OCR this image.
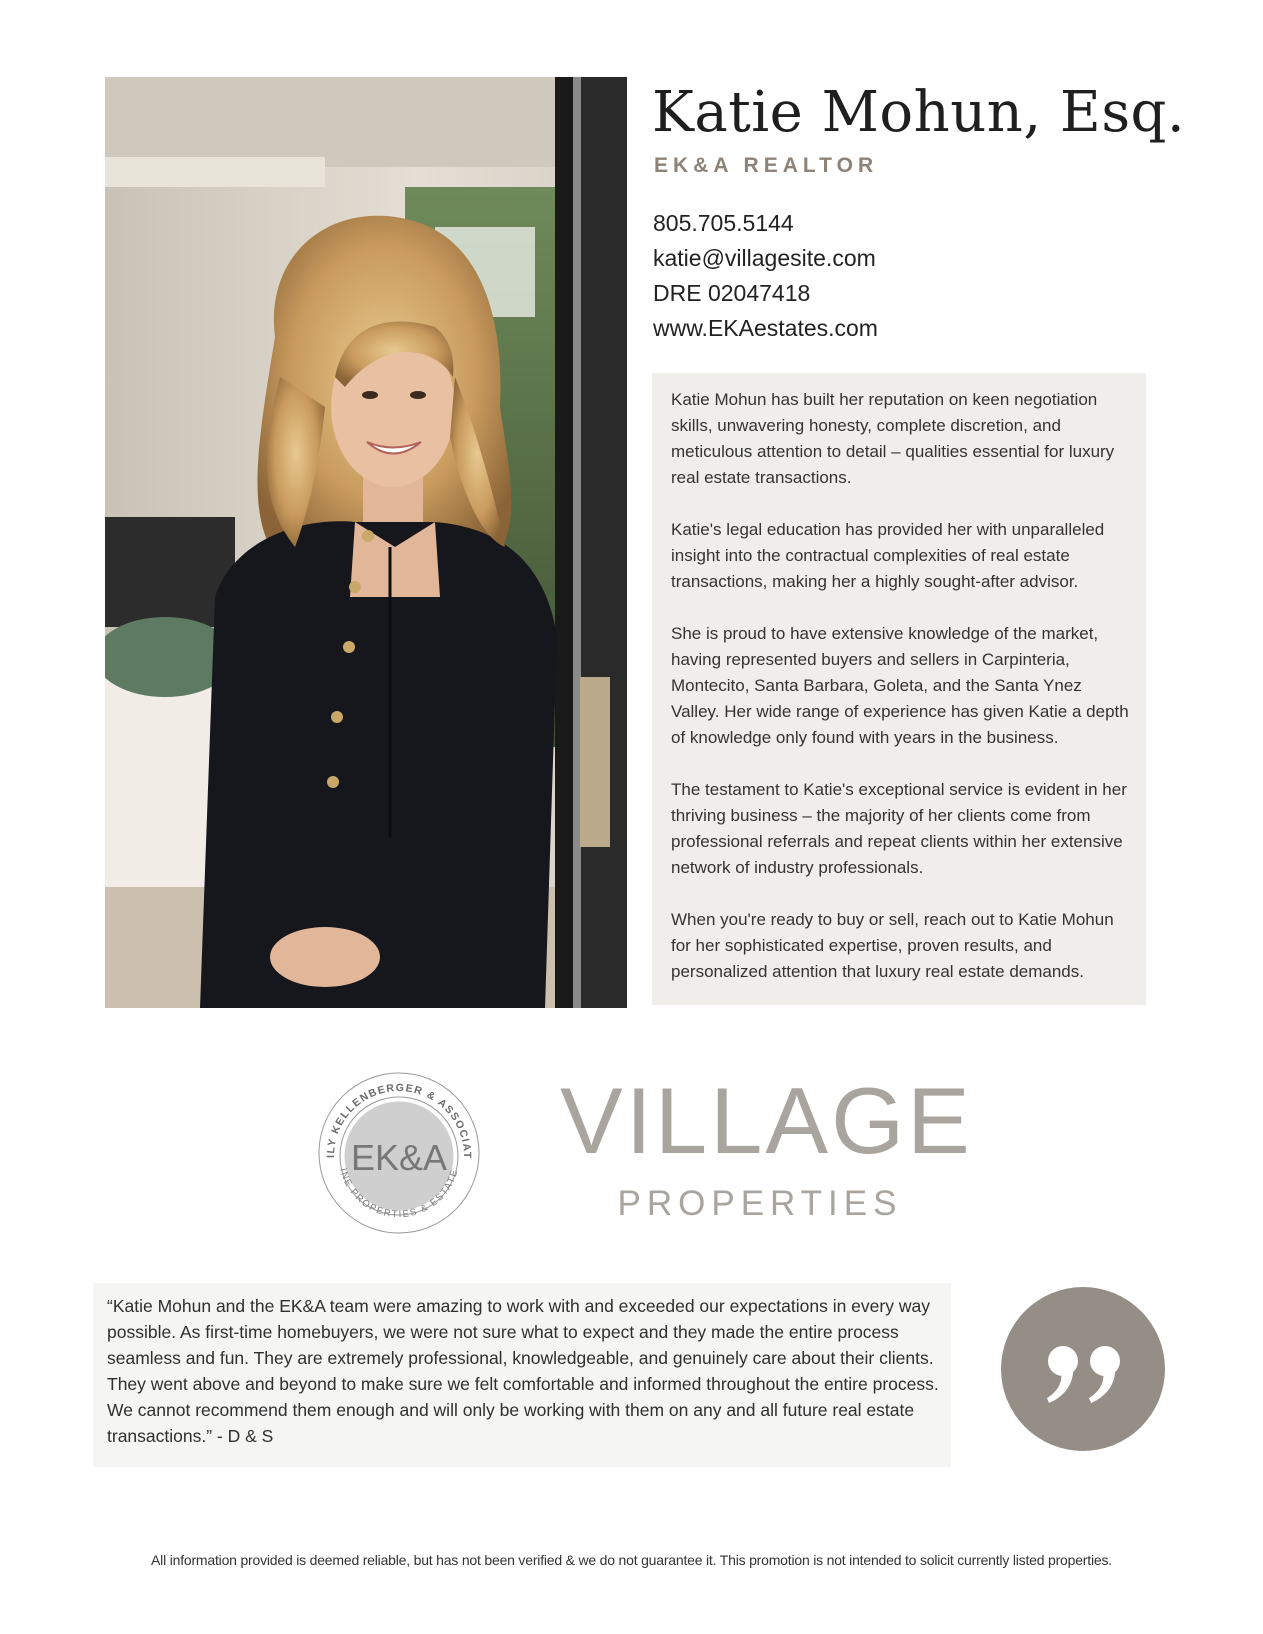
Katie Mohun, Esq.
EK&A REALTOR
805.705.5144
katie@villagesite.com
DRE 02047418
www.EKAestates.com

Katie Mohun has built her reputation on keen negotiation skills, unwavering honesty, complete discretion, and meticulous attention to detail – qualities essential for luxury real estate transactions.

Katie's legal education has provided her with unparalleled insight into the contractual complexities of real estate transactions, making her a highly sought-after advisor.

She is proud to have extensive knowledge of the market, having represented buyers and sellers in Carpinteria, Montecito, Santa Barbara, Goleta, and the Santa Ynez Valley. Her wide range of experience has given Katie a depth of knowledge only found with years in the business.

The testament to Katie's exceptional service is evident in her thriving business – the majority of her clients come from professional referrals and repeat clients within her extensive network of industry professionals.

When you're ready to buy or sell, reach out to Katie Mohun for her sophisticated expertise, proven results, and personalized attention that luxury real estate demands.

ILY KELLENBERGER & ASSOCIAT
INE PROPERTIES & ESTATE
EK&A VILLAGE
PROPERTIES

“Katie Mohun and the EK&A team were amazing to work with and exceeded our expectations in every way possible. As first-time homebuyers, we were not sure what to expect and they made the entire process seamless and fun. They are extremely professional, knowledgeable, and genuinely care about their clients. They went above and beyond to make sure we felt comfortable and informed throughout the entire process. We cannot recommend them enough and will only be working with them on any and all future real estate transactions.” - D & S

All information provided is deemed reliable, but has not been verified & we do not guarantee it. This promotion is not intended to solicit currently listed properties.
